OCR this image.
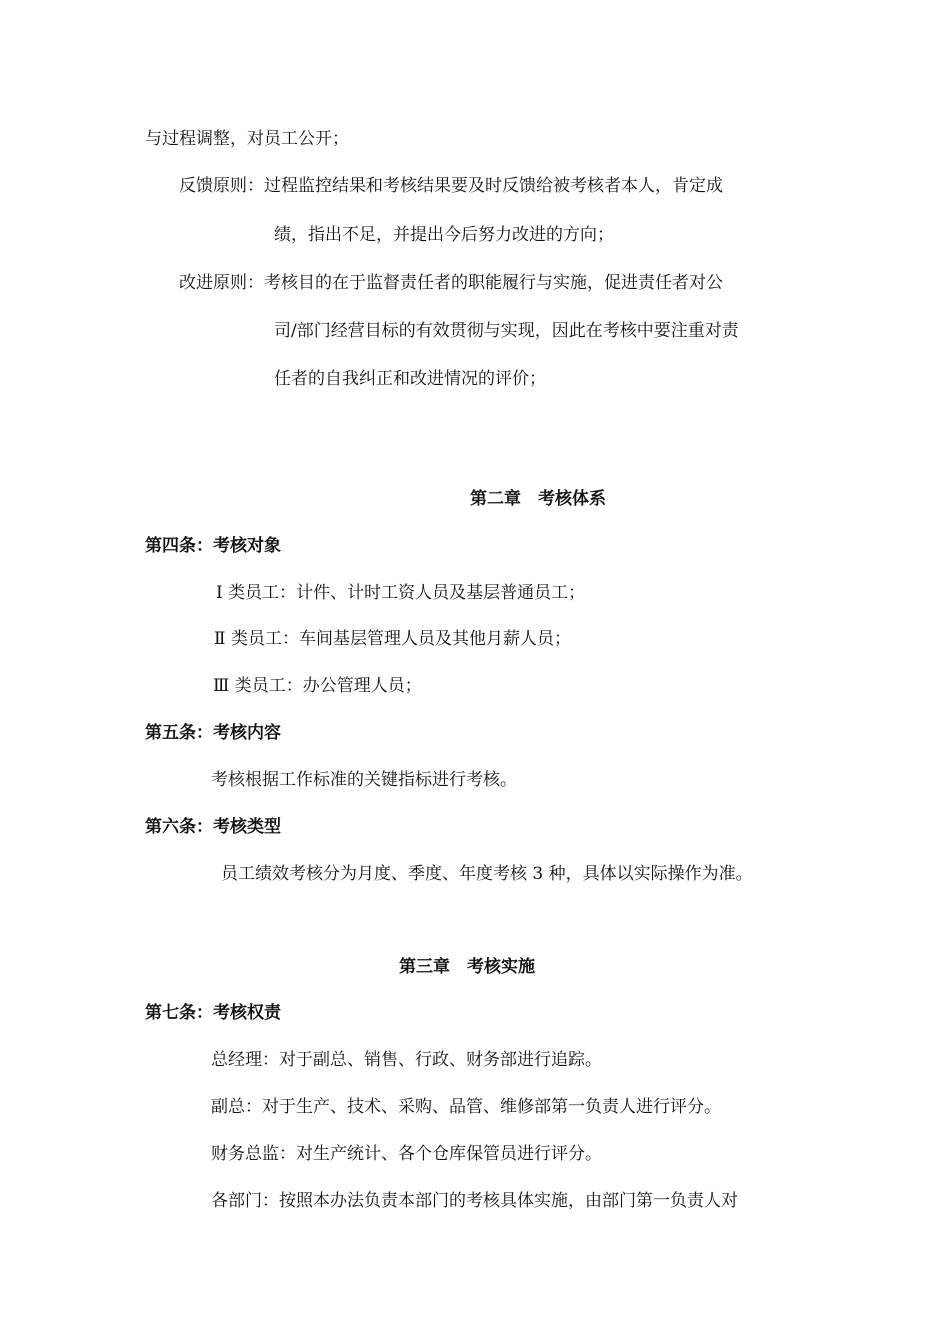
与过程调整，对员工公开；
反馈原则：过程监控结果和考核结果要及时反馈给被考核者本人，肯定成
绩，指出不足，并提出今后努力改进的方向；
改进原则：考核目的在于监督责任者的职能履行与实施，促进责任者对公
司/部门经营目标的有效贯彻与实现，因此在考核中要注重对责
任者的自我纠正和改进情况的评价；
第二章　考核体系
第四条：考核对象
Ⅰ 类员工：计件、计时工资人员及基层普通员工；
Ⅱ 类员工：车间基层管理人员及其他月薪人员；
Ⅲ 类员工：办公管理人员；
第五条：考核内容
考核根据工作标准的关键指标进行考核。
第六条：考核类型
员工绩效考核分为月度、季度、年度考核 3 种，具体以实际操作为准。
第三章　考核实施
第七条：考核权责
总经理：对于副总、销售、行政、财务部进行追踪。
副总：对于生产、技术、采购、品管、维修部第一负责人进行评分。
财务总监：对生产统计、各个仓库保管员进行评分。
各部门：按照本办法负责本部门的考核具体实施，由部门第一负责人对
